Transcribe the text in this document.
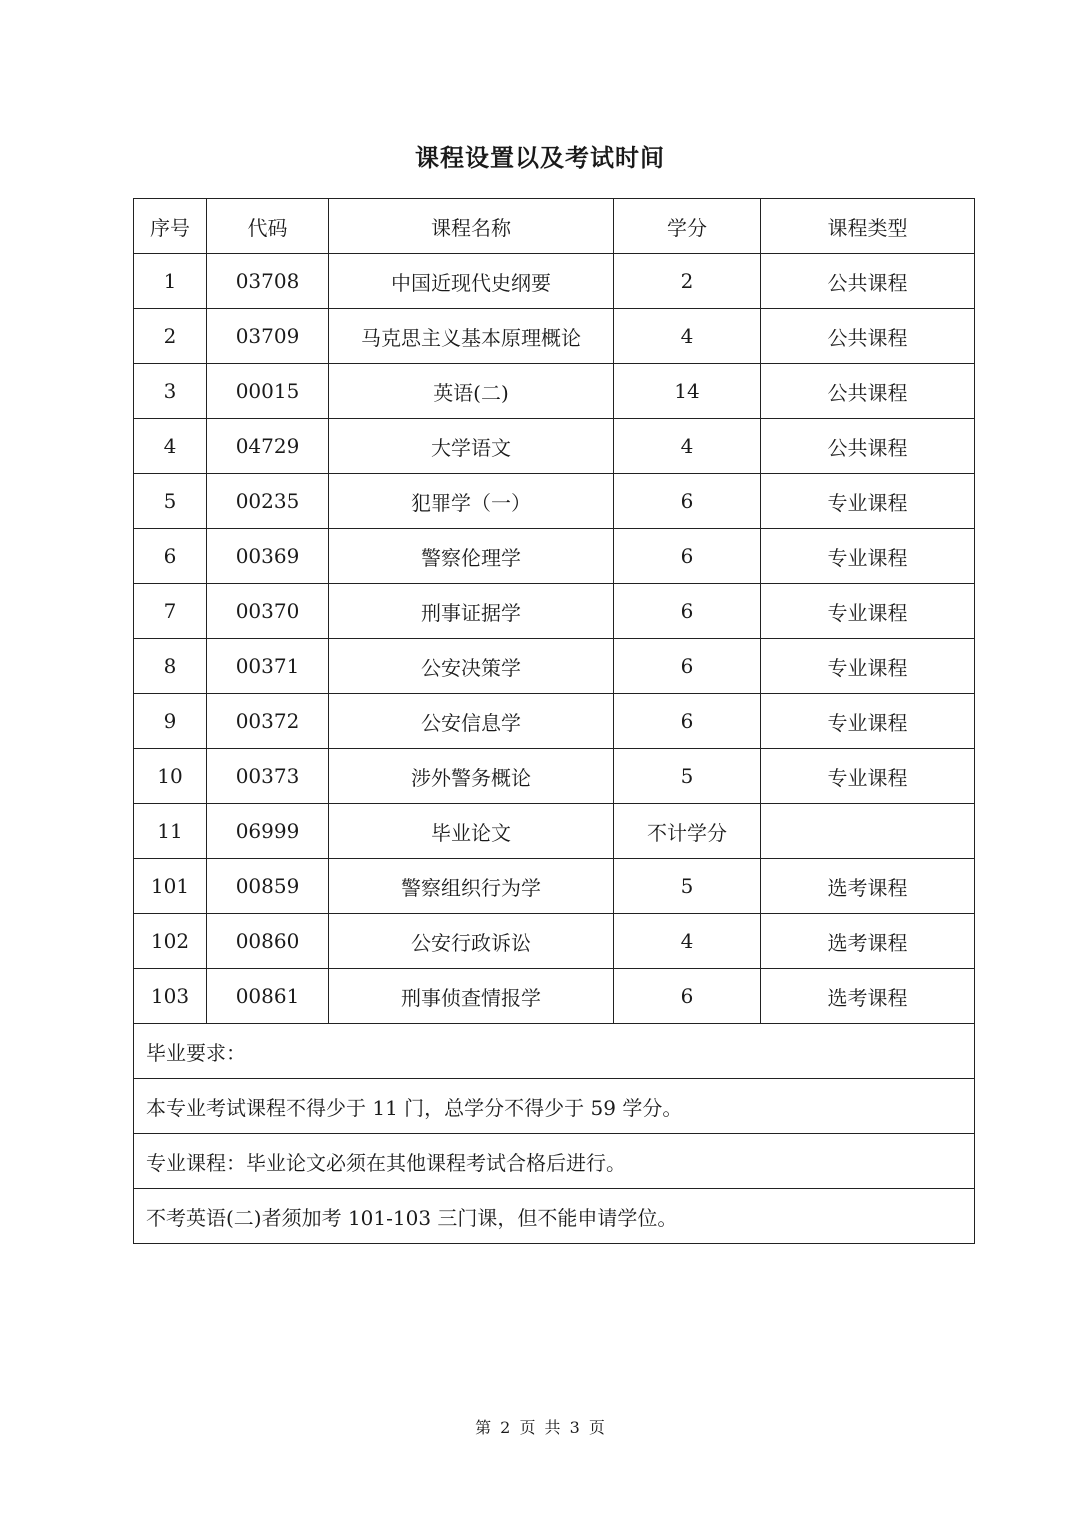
课程设置以及考试时间
序号	代码	课程名称	学分	课程类型
1	03708	中国近现代史纲要	2	公共课程
2	03709	马克思主义基本原理概论	4	公共课程
3	00015	英语(二)	14	公共课程
4	04729	大学语文	4	公共课程
5	00235	犯罪学（一）	6	专业课程
6	00369	警察伦理学	6	专业课程
7	00370	刑事证据学	6	专业课程
8	00371	公安决策学	6	专业课程
9	00372	公安信息学	6	专业课程
10	00373	涉外警务概论	5	专业课程
11	06999	毕业论文	不计学分	
101	00859	警察组织行为学	5	选考课程
102	00860	公安行政诉讼	4	选考课程
103	00861	刑事侦查情报学	6	选考课程
毕业要求：				
本专业考试课程不得少于 11 门，总学分不得少于 59 学分。				
专业课程：毕业论文必须在其他课程考试合格后进行。				
不考英语(二)者须加考 101-103 三门课，但不能申请学位。				
第 2 页 共 3 页
